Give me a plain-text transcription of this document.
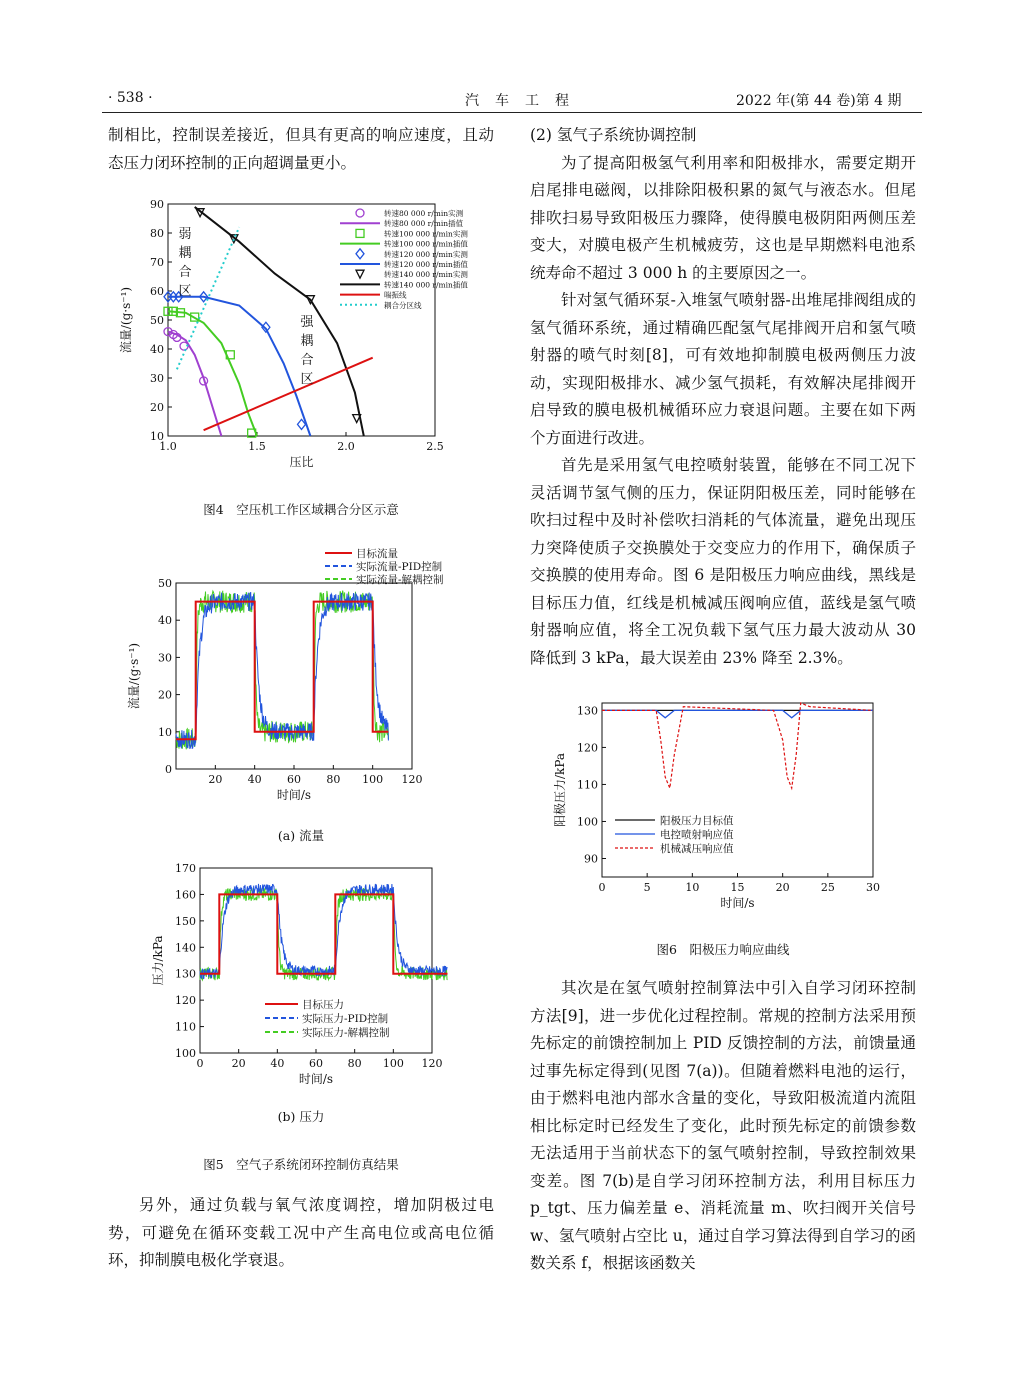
· 538 ·	汽　车　工　程	2022 年(第 44 卷)第 4 期

制相比，控制误差接近，但具有更高的响应速度，且动态压力闭环控制的正向超调量更小。

1.0	1.5	2.0	2.5
10
20
30
40
50
60
70
80
90
压比
流量/(g·s⁻¹)
弱
耦
合
区
强
耦
合
区
转速80 000 r/min实测
转速80 000 r/min插值
转速100 000 r/min实测
转速100 000 r/min插值
转速120 000 r/min实测
转速120 000 r/min插值
转速140 000 r/min实测
转速140 000 r/min插值
喘振线
耦合分区线
图4　空压机工作区域耦合分区示意
20 40 60 80 100 120
0
10
20
30
40
50
时间/s
流量/(g·s⁻¹)
目标流量
实际流量-PID控制
实际流量-解耦控制
(a) 流量
0	20 40 60 80 100 120
100
110
120
130
140
150
160
170
时间/s
压力/kPa
目标压力
实际压力-PID控制
实际压力-解耦控制
(b) 压力
图5　空气子系统闭环控制仿真结果

另外，通过负载与氧气浓度调控，增加阴极过电势，可避免在循环变载工况中产生高电位或高电位循环，抑制膜电极化学衰退。

(2) 氢气子系统协调控制

为了提高阳极氢气利用率和阳极排水，需要定期开启尾排电磁阀，以排除阳极积累的氮气与液态水。但尾排吹扫易导致阳极压力骤降，使得膜电极阴阳两侧压差变大，对膜电极产生机械疲劳，这也是早期燃料电池系统寿命不超过 3 000 h 的主要原因之一。

针对氢气循环泵-入堆氢气喷射器-出堆尾排阀组成的氢气循环系统，通过精确匹配氢气尾排阀开启和氢气喷射器的喷气时刻[8]，可有效地抑制膜电极两侧压力波动，实现阳极排水、减少氢气损耗，有效解决尾排阀开启导致的膜电极机械循环应力衰退问题。主要在如下两个方面进行改进。

首先是采用氢气电控喷射装置，能够在不同工况下灵活调节氢气侧的压力，保证阴阳极压差，同时能够在吹扫过程中及时补偿吹扫消耗的气体流量，避免出现压力突降使质子交换膜处于交变应力的作用下，确保质子交换膜的使用寿命。图 6 是阳极压力响应曲线，黑线是目标压力值，红线是机械减压阀响应值，蓝线是氢气喷射器响应值，将全工况负载下氢气压力最大波动从 30 降低到 3 kPa，最大误差由 23% 降至 2.3%。

0	5	10	15	20	25	30
90
100
110
120
130
时间/s
阳极压力/kPa	阳极压力目标值
电控喷射响应值
机械减压响应值
图6　阳极压力响应曲线

其次是在氢气喷射控制算法中引入自学习闭环控制方法[9]，进一步优化过程控制。常规的控制方法采用预先标定的前馈控制加上 PID 反馈控制的方法，前馈量通过事先标定得到(见图 7(a))。但随着燃料电池的运行，由于燃料电池内部水含量的变化，导致阳极流道内流阻相比标定时已经发生了变化，此时预先标定的前馈参数无法适用于当前状态下的氢气喷射控制，导致控制效果变差。图 7(b)是自学习闭环控制方法，利用目标压力 p_tgt、压力偏差量 e、消耗流量 m、吹扫阀开关信号 w、氢气喷射占空比 u，通过自学习算法得到自学习的函数关系 f，根据该函数关
